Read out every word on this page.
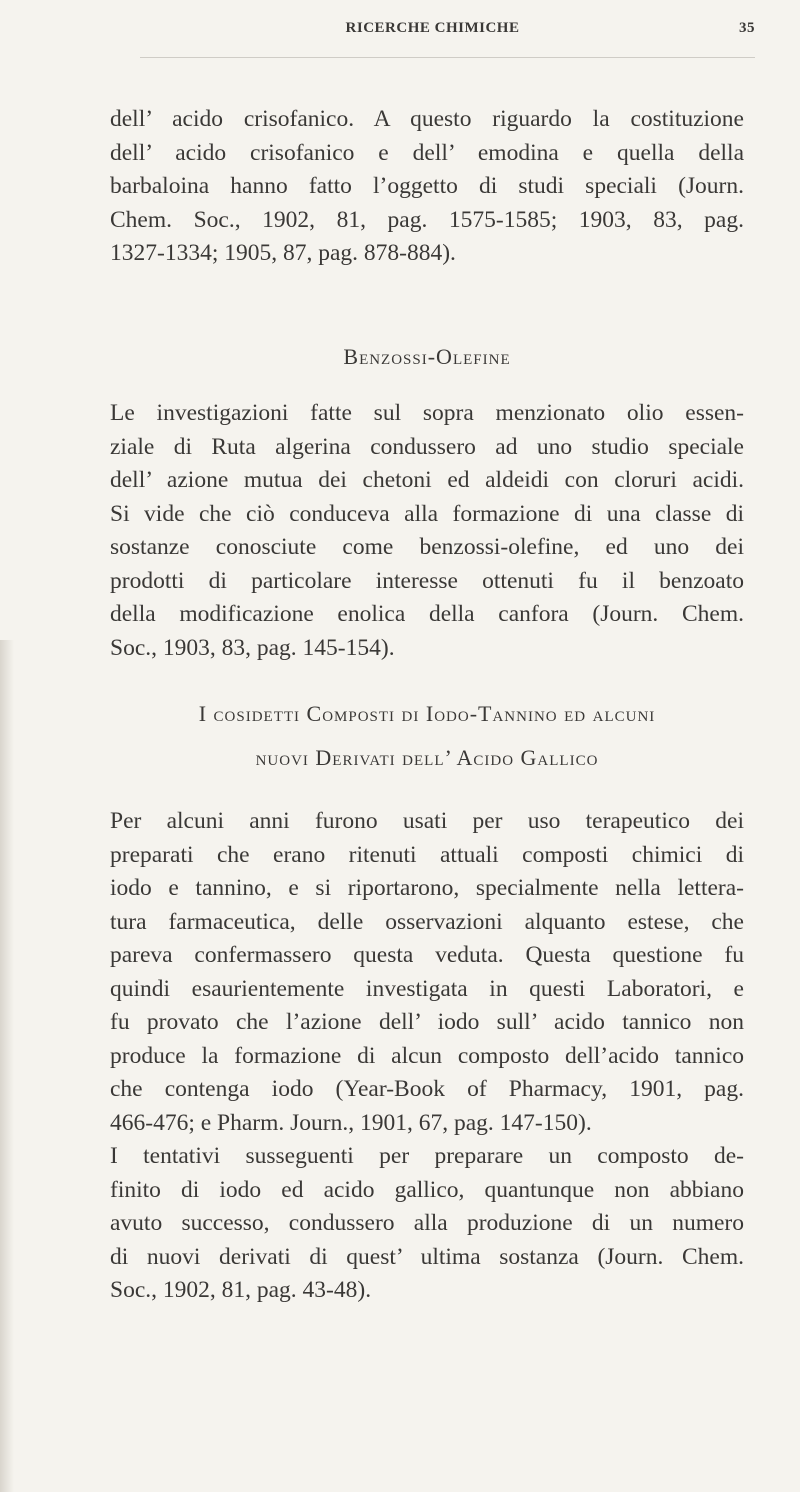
RICERCHE CHIMICHE	35

dell’ acido crisofanico. A questo riguardo la costituzione
dell’ acido crisofanico e dell’ emodina e quella della
barbaloina hanno fatto l’oggetto di studi speciali (Journ.
Chem. Soc., 1902, 81, pag. 1575-1585; 1903, 83, pag.
1327-1334; 1905, 87, pag. 878-884).

Benzossi-Olefine

Le investigazioni fatte sul sopra menzionato olio essen-
ziale di Ruta algerina condussero ad uno studio speciale
dell’ azione mutua dei chetoni ed aldeidi con cloruri acidi.
Si vide che ciò conduceva alla formazione di una classe di
sostanze conosciute come benzossi-olefine, ed uno dei
prodotti di particolare interesse ottenuti fu il benzoato
della modificazione enolica della canfora (Journ. Chem.
Soc., 1903, 83, pag. 145-154).

I cosidetti Composti di Iodo-Tannino ed alcuni
nuovi Derivati dell’ Acido Gallico

Per alcuni anni furono usati per uso terapeutico dei
preparati che erano ritenuti attuali composti chimici di
iodo e tannino, e si riportarono, specialmente nella lettera-
tura farmaceutica, delle osservazioni alquanto estese, che
pareva confermassero questa veduta. Questa questione fu
quindi esaurientemente investigata in questi Laboratori, e
fu provato che l’azione dell’ iodo sull’ acido tannico non
produce la formazione di alcun composto dell’acido tannico
che contenga iodo (Year-Book of Pharmacy, 1901, pag.
466-476; e Pharm. Journ., 1901, 67, pag. 147-150).

I tentativi susseguenti per preparare un composto de-
finito di iodo ed acido gallico, quantunque non abbiano
avuto successo, condussero alla produzione di un numero
di nuovi derivati di quest’ ultima sostanza (Journ. Chem.
Soc., 1902, 81, pag. 43-48).
